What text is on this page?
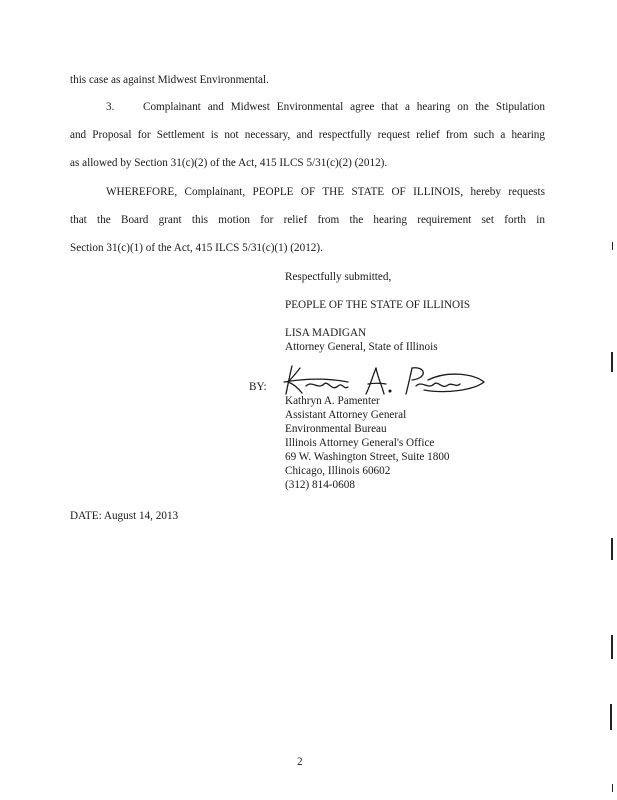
this case as against Midwest Environmental.
3.	Complainant and Midwest Environmental agree that a hearing on the Stipulation
and Proposal for Settlement is not necessary, and respectfully request relief from such a hearing
as allowed by Section 31(c)(2) of the Act, 415 ILCS 5/31(c)(2) (2012).
WHEREFORE, Complainant, PEOPLE OF THE STATE OF ILLINOIS, hereby requests
that the Board grant this motion for relief from the hearing requirement set forth in
Section 31(c)(1) of the Act, 415 ILCS 5/31(c)(1) (2012).
Respectfully submitted,
PEOPLE OF THE STATE OF ILLINOIS
LISA MADIGAN
Attorney General, State of Illinois
BY:
Kathryn A. Pamenter
Assistant Attorney General
Environmental Bureau
Illinois Attorney General's Office
69 W. Washington Street, Suite 1800
Chicago, Illinois 60602
(312) 814-0608
DATE: August 14, 2013
2
